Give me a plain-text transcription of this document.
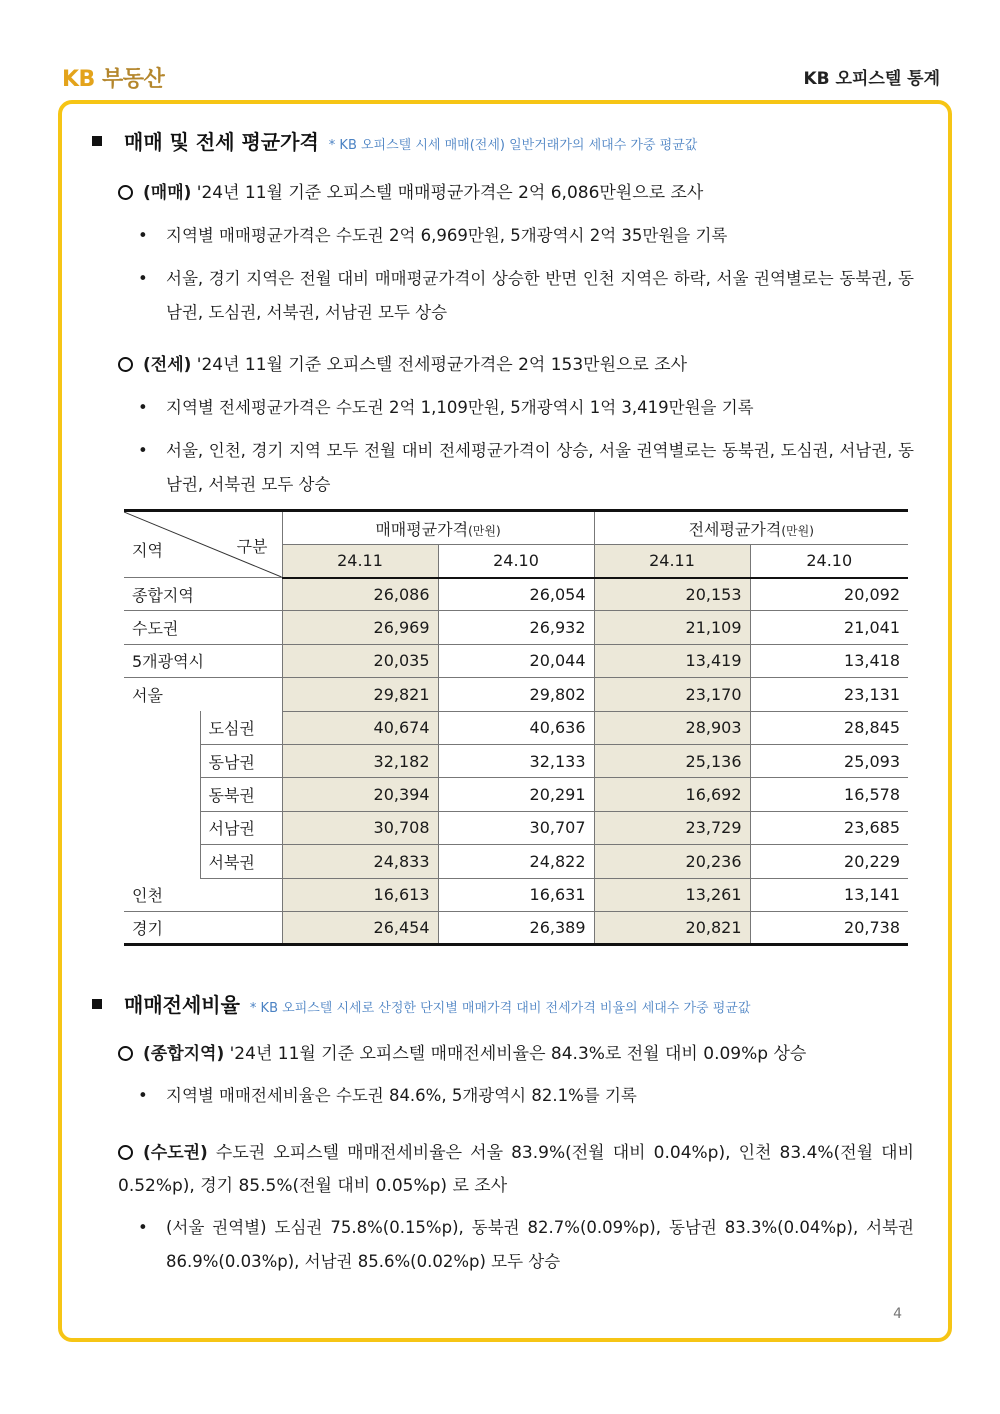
KB 부동산	KB 오피스텔 통계
매매 및 전세 평균가격 * KB 오피스텔 시세 매매(전세) 일반거래가의 세대수 가중 평균값
(매매) '24년 11월 기준 오피스텔 매매평균가격은 2억 6,086만원으로 조사
•	지역별 매매평균가격은 수도권 2억 6,969만원, 5개광역시 2억 35만원을 기록
•	서울, 경기 지역은 전월 대비 매매평균가격이 상승한 반면 인천 지역은 하락, 서울 권역별로는 동북권, 동남권, 도심권, 서북권, 서남권 모두 상승
(전세) '24년 11월 기준 오피스텔 전세평균가격은 2억 153만원으로 조사
•	지역별 전세평균가격은 수도권 2억 1,109만원, 5개광역시 1억 3,419만원을 기록
•	서울, 인천, 경기 지역 모두 전월 대비 전세평균가격이 상승, 서울 권역별로는 동북권, 도심권, 서남권, 동남권, 서북권 모두 상승
지역 구분		매매평균가격(만원)		전세평균가격(만원)	
		24.11	24.10	24.11	24.10
종합지역		26,086	26,054	20,153	20,092
수도권		26,969	26,932	21,109	21,041
5개광역시		20,035	20,044	13,419	13,418
서울		29,821	29,802	23,170	23,131
	도심권	40,674	40,636	28,903	28,845
	동남권	32,182	32,133	25,136	25,093
	동북권	20,394	20,291	16,692	16,578
	서남권	30,708	30,707	23,729	23,685
	서북권	24,833	24,822	20,236	20,229
인천		16,613	16,631	13,261	13,141
경기		26,454	26,389	20,821	20,738
매매전세비율 * KB 오피스텔 시세로 산정한 단지별 매매가격 대비 전세가격 비율의 세대수 가중 평균값
(종합지역) '24년 11월 기준 오피스텔 매매전세비율은 84.3%로 전월 대비 0.09%p 상승
•	지역별 매매전세비율은 수도권 84.6%, 5개광역시 82.1%를 기록
(수도권) 수도권 오피스텔 매매전세비율은 서울 83.9%(전월 대비 0.04%p), 인천 83.4%(전월 대비 0.52%p), 경기 85.5%(전월 대비 0.05%p) 로 조사
•	(서울 권역별) 도심권 75.8%(0.15%p), 동북권 82.7%(0.09%p), 동남권 83.3%(0.04%p), 서북권 86.9%(0.03%p), 서남권 85.6%(0.02%p) 모두 상승
4
